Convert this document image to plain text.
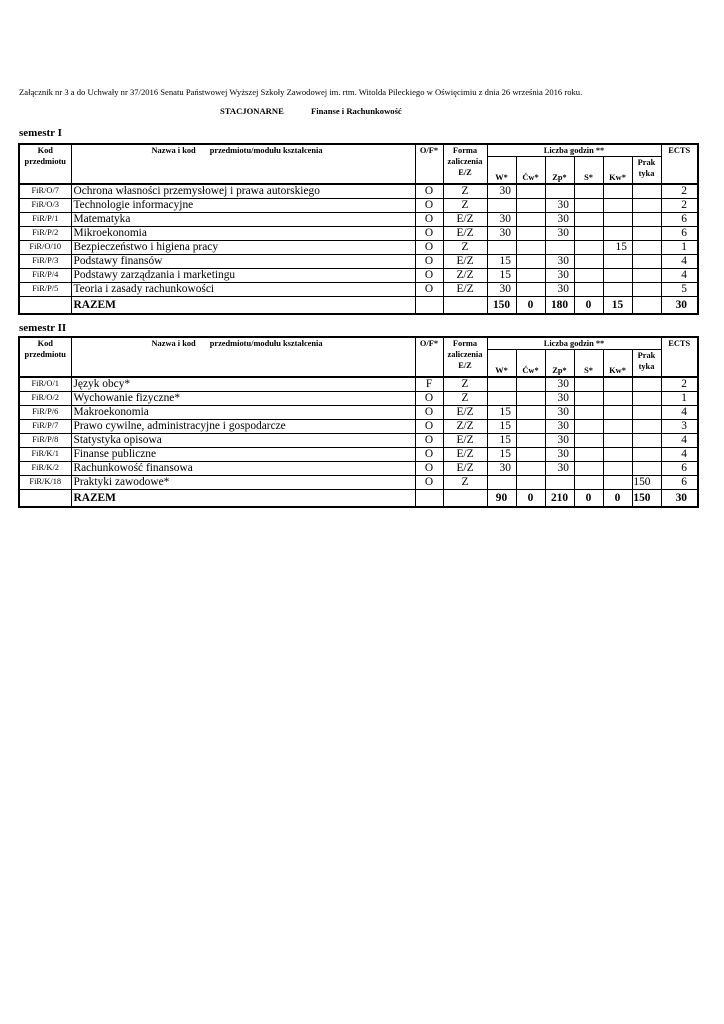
Załącznik nr 3 a do Uchwały nr 37/2016 Senatu Państwowej Wyższej Szkoły Zawodowej im. rtm. Witolda Pileckiego w Oświęcimiu z dnia 26 września 2016 roku.
STACJONARNE	Finanse i Rachunkowość
semestr I
Kod przedmiotu	Nazwa i kod przedmiotu/modułu kształcenia	O/F*	Forma zaliczenia E/Z	Liczba godzin **						ECTS
				W*	Ćw*	Zp*	S*	Kw*	Praktyka	
FiR/O/7	Ochrona własności przemysłowej i prawa autorskiego	O	Z	30						2
FiR/O/3	Technologie informacyjne	O	Z			30				2
FiR/P/1	Matematyka	O	E/Z	30		30				6
FiR/P/2	Mikroekonomia	O	E/Z	30		30				6
FiR/O/10	Bezpieczeństwo i higiena pracy	O	Z					15		1
FiR/P/3	Podstawy finansów	O	E/Z	15		30				4
FiR/P/4	Podstawy zarządzania i marketingu	O	Z/Z	15		30				4
FiR/P/5	Teoria i zasady rachunkowości	O	E/Z	30		30				5
	RAZEM			150	0	180	0	15		30
semestr II
Kod przedmiotu	Nazwa i kod przedmiotu/modułu kształcenia	O/F*	Forma zaliczenia E/Z	Liczba godzin **						ECTS
				W*	Ćw*	Zp*	S*	Kw*	Praktyka	
FiR/O/1	Język obcy*	F	Z			30				2
FiR/O/2	Wychowanie fizyczne*	O	Z			30				1
FiR/P/6	Makroekonomia	O	E/Z	15		30				4
FiR/P/7	Prawo cywilne, administracyjne i gospodarcze	O	Z/Z	15		30				3
FiR/P/8	Statystyka opisowa	O	E/Z	15		30				4
FiR/K/1	Finanse publiczne	O	E/Z	15		30				4
FiR/K/2	Rachunkowość finansowa	O	E/Z	30		30				6
FiR/K/18	Praktyki zawodowe*	O	Z						150	6
	RAZEM			90	0	210	0	0	150	30
